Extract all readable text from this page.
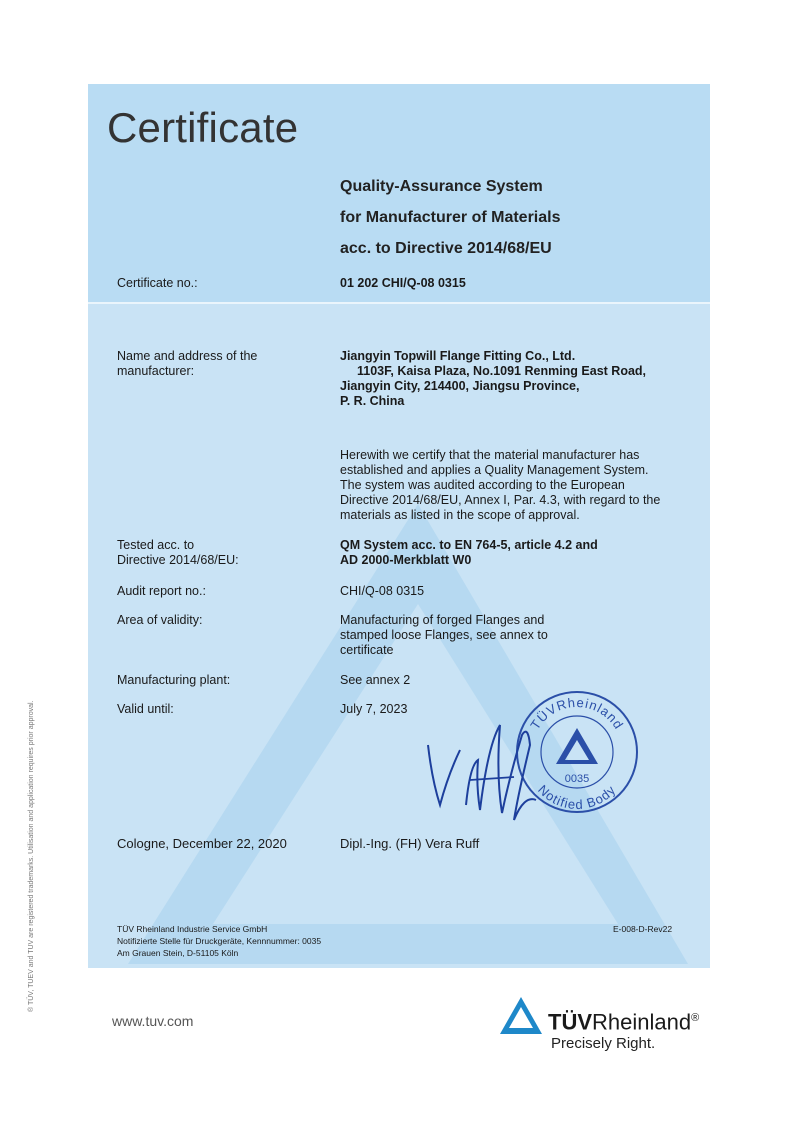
Certificate
Quality-Assurance System
for Manufacturer of Materials
acc. to Directive 2014/68/EU
Certificate no.:	01 202 CHI/Q-08 0315
Name and address of the
manufacturer:
Jiangyin Topwill Flange Fitting Co., Ltd.
1103F, Kaisa Plaza, No.1091 Renming East Road,
Jiangyin City, 214400, Jiangsu Province,
P. R. China
Herewith we certify that the material manufacturer has
established and applies a Quality Management System.
The system was audited according to the European
Directive 2014/68/EU, Annex I, Par. 4.3, with regard to the
materials as listed in the scope of approval.
Tested acc. to
Directive 2014/68/EU:
QM System acc. to EN 764-5, article 4.2 and
AD 2000-Merkblatt W0
Audit report no.:	CHI/Q-08 0315
Area of validity:	Manufacturing of forged Flanges and
stamped loose Flanges, see annex to
certificate
Manufacturing plant:	See annex 2
Valid until:	July 7, 2023
TÜVRheinland
Notified Body
0035
Cologne, December 22, 2020	Dipl.-Ing. (FH) Vera Ruff
TÜV Rheinland Industrie Service GmbH
Notifizierte Stelle für Druckgeräte, Kennnummer: 0035
Am Grauen Stein, D-51105 Köln
E-008-D-Rev22
® TÜV, TUEV and TUV are registered trademarks. Utilisation and application requires prior approval.
www.tuv.com	TÜVRheinland®
Precisely Right.
